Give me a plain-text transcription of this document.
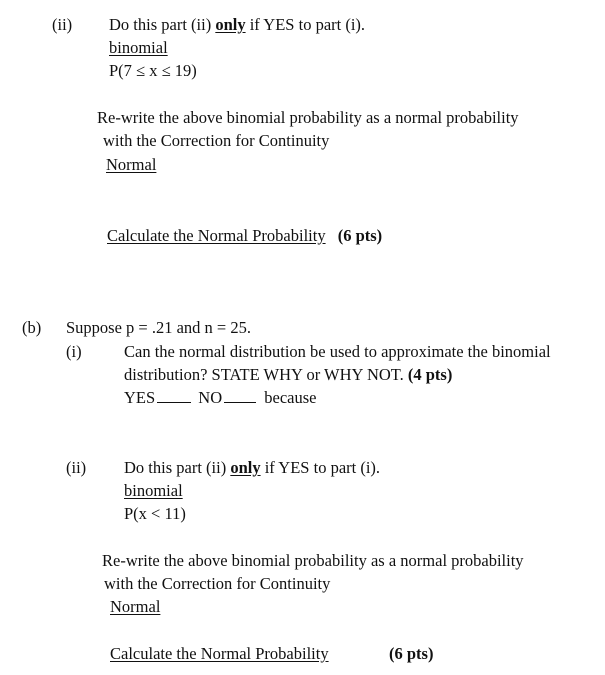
(ii) Do this part (ii) only if YES to part (i).
binomial
P(7 ≤ x ≤ 19)
Re-write the above binomial probability as a normal probability
with the Correction for Continuity
Normal
Calculate the Normal Probability (6 pts)
(b) Suppose p = .21 and n = 25.
(i)	Can the normal distribution be used to approximate the binomial
distribution? STATE WHY or WHY NOT. (4 pts)
YES	NO	because
(ii) Do this part (ii) only if YES to part (i).
binomial
P(x < 11)
Re-write the above binomial probability as a normal probability
with the Correction for Continuity
Normal
Calculate the Normal Probability	(6 pts)
